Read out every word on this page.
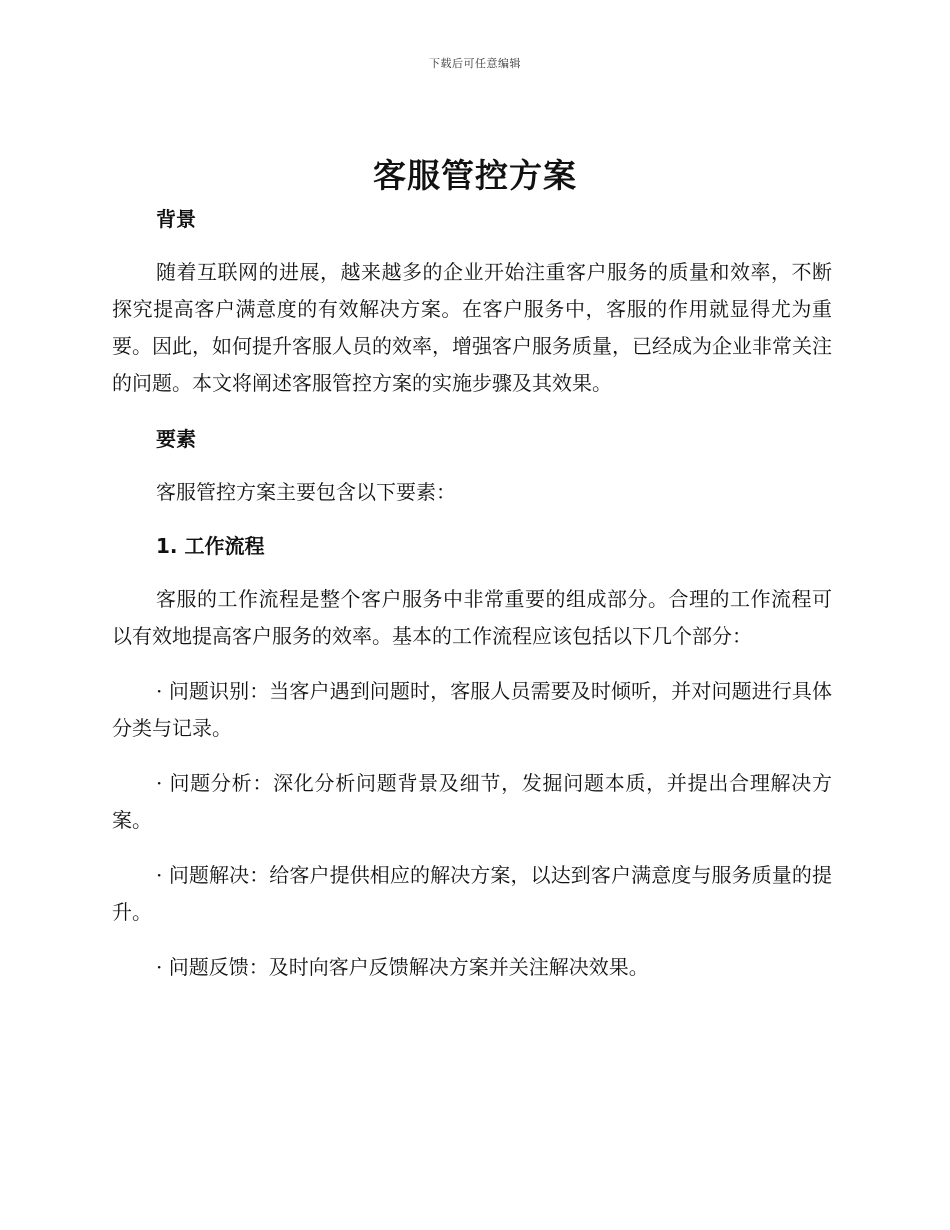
下载后可任意编辑
客服管控方案

背景

随着互联网的进展，越来越多的企业开始注重客户服务的质量和效率，不断探究提高客户满意度的有效解决方案。在客户服务中，客服的作用就显得尤为重要。因此，如何提升客服人员的效率，增强客户服务质量，已经成为企业非常关注的问题。本文将阐述客服管控方案的实施步骤及其效果。

要素

客服管控方案主要包含以下要素：

1. 工作流程

客服的工作流程是整个客户服务中非常重要的组成部分。合理的工作流程可以有效地提高客户服务的效率。基本的工作流程应该包括以下几个部分：

· 问题识别：当客户遇到问题时，客服人员需要及时倾听，并对问题进行具体分类与记录。

· 问题分析：深化分析问题背景及细节，发掘问题本质，并提出合理解决方案。

· 问题解决：给客户提供相应的解决方案，以达到客户满意度与服务质量的提升。

· 问题反馈：及时向客户反馈解决方案并关注解决效果。
